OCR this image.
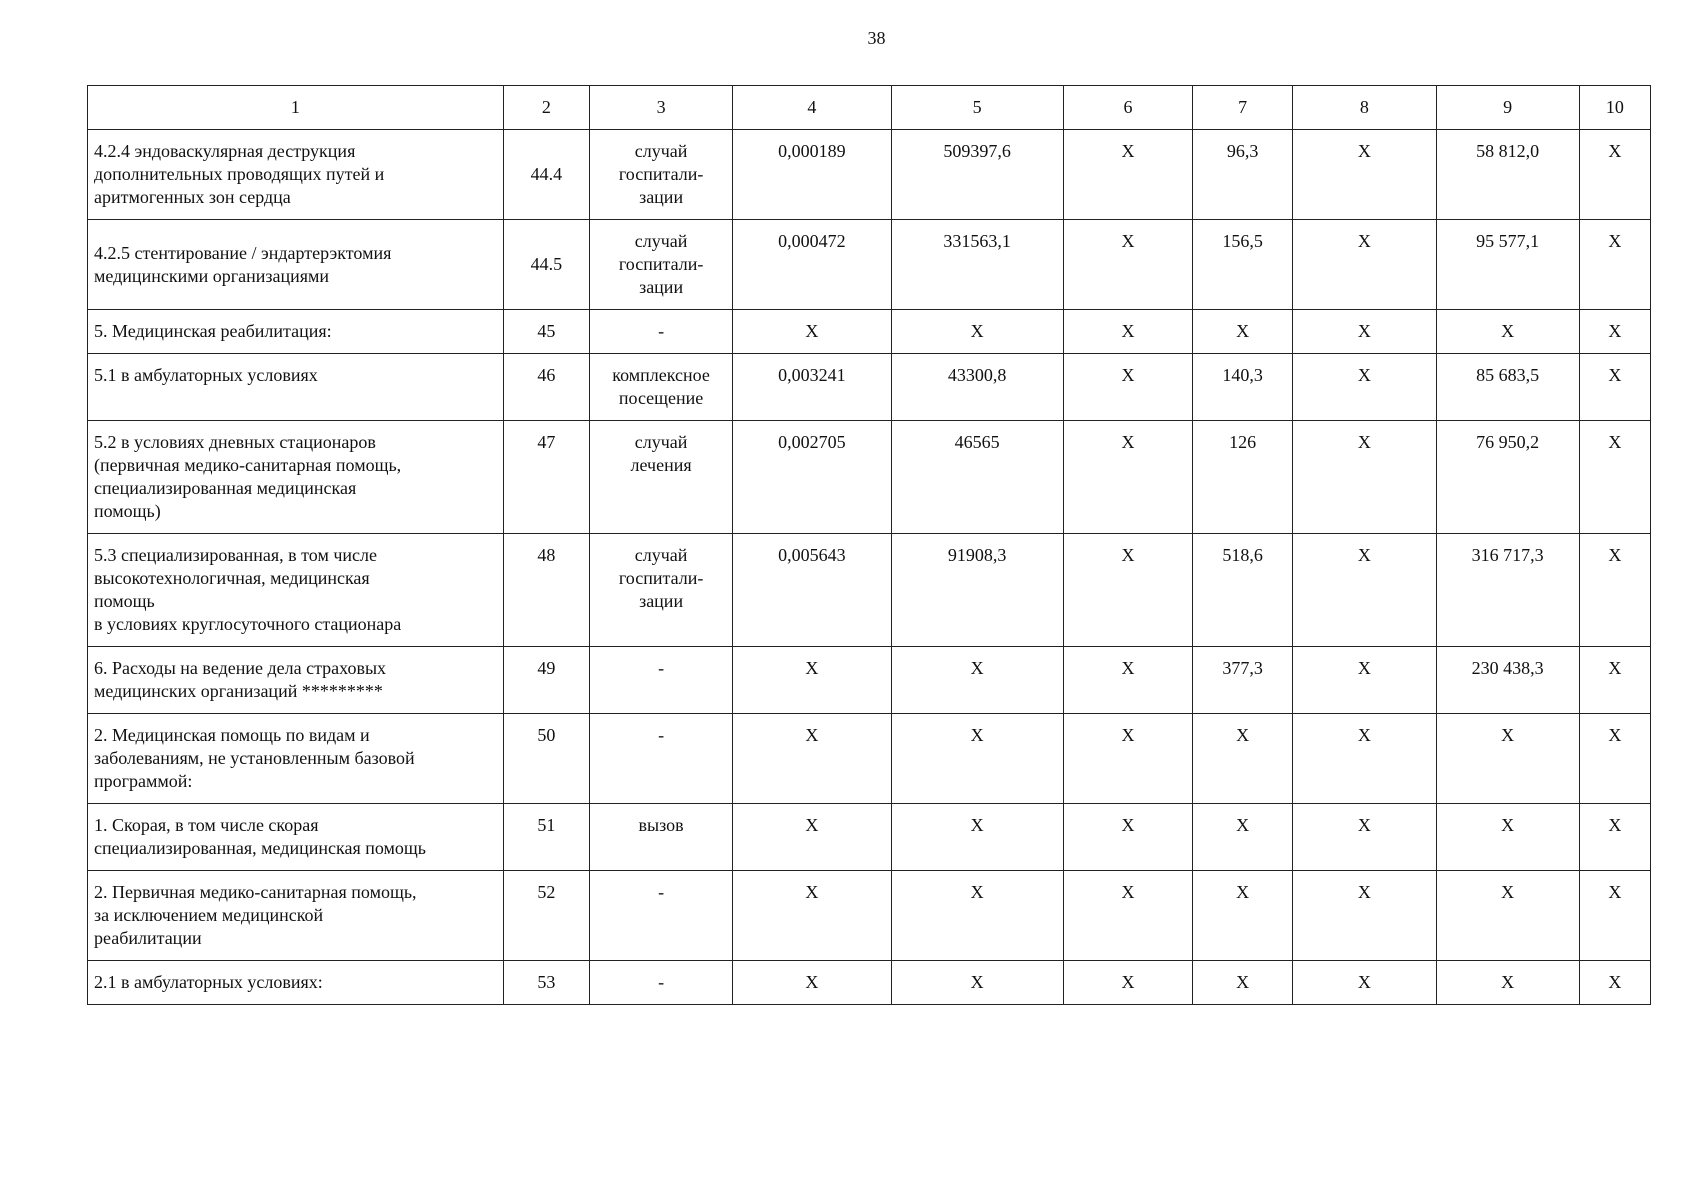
38
1	2	3	4	5	6	7	8	9	10
4.2.4 эндоваскулярная деструкция
дополнительных проводящих путей и
аритмогенных зон сердца	44.4	случай
госпитали-
зации	0,000189	509397,6	Х	96,3	Х	58 812,0	Х
4.2.5 стентирование / эндартерэктомия
медицинскими организациями	44.5	случай
госпитали-
зации	0,000472	331563,1	Х	156,5	Х	95 577,1	Х
5. Медицинская реабилитация:	45	-	Х	Х	Х	Х	Х	Х	Х
5.1 в амбулаторных условиях	46	комплексное
посещение	0,003241	43300,8	Х	140,3	Х	85 683,5	Х
5.2 в условиях дневных стационаров
(первичная медико-санитарная помощь,
специализированная медицинская
помощь)	47	случай
лечения	0,002705	46565	Х	126	Х	76 950,2	Х
5.3 специализированная, в том числе
высокотехнологичная, медицинская
помощь
в условиях круглосуточного стационара	48	случай
госпитали-
зации	0,005643	91908,3	Х	518,6	Х	316 717,3	Х
6. Расходы на ведение дела страховых
медицинских организаций *********	49	-	Х	Х	Х	377,3	Х	230 438,3	Х
2. Медицинская помощь по видам и
заболеваниям, не установленным базовой
программой:	50	-	Х	Х	Х	Х	Х	Х	Х
1. Скорая, в том числе скорая
специализированная, медицинская помощь	51	вызов	Х	Х	Х	Х	Х	Х	Х
2. Первичная медико-санитарная помощь,
за исключением медицинской
реабилитации	52	-	Х	Х	Х	Х	Х	Х	Х
2.1 в амбулаторных условиях:	53	-	Х	Х	Х	Х	Х	Х	Х
